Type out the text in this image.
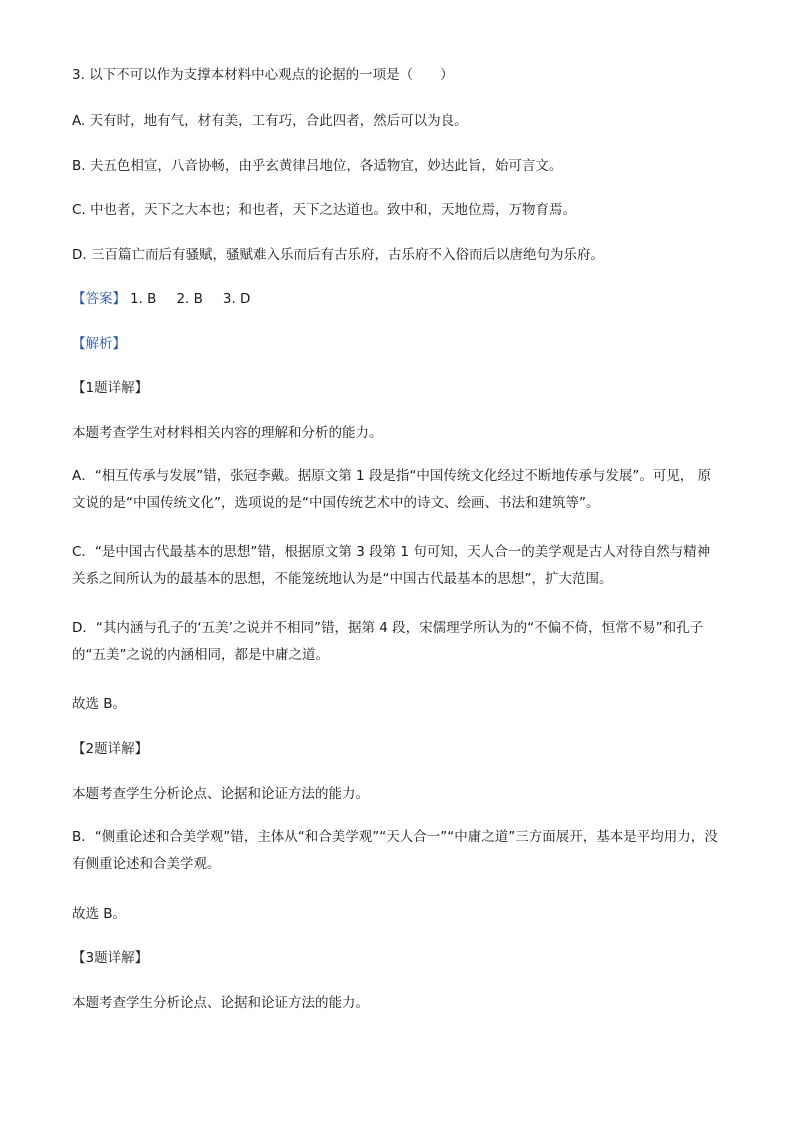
3. 以下不可以作为支撑本材料中心观点的论据的一项是（　　）
A. 天有时，地有气，材有美，工有巧，合此四者，然后可以为良。
B. 夫五色相宣，八音协畅，由乎玄黄律吕地位，各适物宜，妙达此旨，始可言文。
C. 中也者，天下之大本也；和也者，天下之达道也。致中和，天地位焉，万物育焉。
D. 三百篇亡而后有骚赋，骚赋难入乐而后有古乐府，古乐府不入俗而后以唐绝句为乐府。
【答案】 1. B 2. B 3. D
【解析】
【1题详解】
本题考查学生对材料相关内容的理解和分析的能力。
A．“相互传承与发展”错，张冠李戴。据原文第 1 段是指“中国传统文化经过不断地传承与发展”。可见， 原文说的是“中国传统文化”，选项说的是“中国传统艺术中的诗文、绘画、书法和建筑等”。
C．“是中国古代最基本的思想”错，根据原文第 3 段第 1 句可知，天人合一的美学观是古人对待自然与精神关系之间所认为的最基本的思想，不能笼统地认为是“中国古代最基本的思想”，扩大范围。
D．“其内涵与孔子的‘五美’之说并不相同”错，据第 4 段，宋儒理学所认为的“不偏不倚，恒常不易”和孔子的“五美”之说的内涵相同，都是中庸之道。
故选 B。
【2题详解】
本题考查学生分析论点、论据和论证方法的能力。
B．“侧重论述和合美学观”错，主体从“和合美学观”“天人合一”“中庸之道”三方面展开，基本是平均用力，没有侧重论述和合美学观。
故选 B。
【3题详解】
本题考查学生分析论点、论据和论证方法的能力。
